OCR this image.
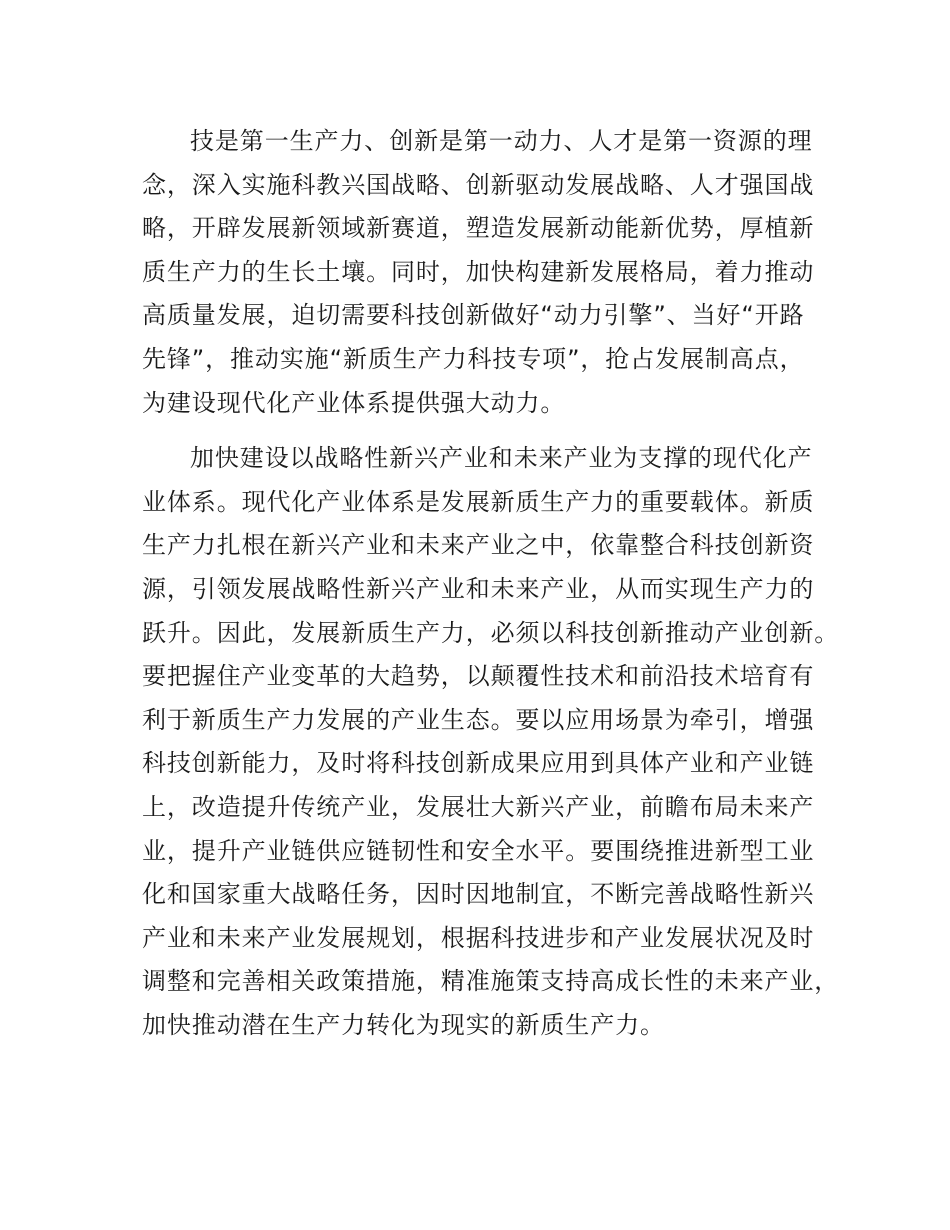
技是第一生产力、创新是第一动力、人才是第一资源的理
念，深入实施科教兴国战略、创新驱动发展战略、人才强国战
略，开辟发展新领域新赛道，塑造发展新动能新优势，厚植新
质生产力的生长土壤。同时，加快构建新发展格局，着力推动
高质量发展，迫切需要科技创新做好“动力引擎”、当好“开路
先锋”，推动实施“新质生产力科技专项”，抢占发展制高点，
为建设现代化产业体系提供强大动力。
加快建设以战略性新兴产业和未来产业为支撑的现代化产
业体系。现代化产业体系是发展新质生产力的重要载体。新质
生产力扎根在新兴产业和未来产业之中，依靠整合科技创新资
源，引领发展战略性新兴产业和未来产业，从而实现生产力的
跃升。因此，发展新质生产力，必须以科技创新推动产业创新。
要把握住产业变革的大趋势，以颠覆性技术和前沿技术培育有
利于新质生产力发展的产业生态。要以应用场景为牵引，增强
科技创新能力，及时将科技创新成果应用到具体产业和产业链
上，改造提升传统产业，发展壮大新兴产业，前瞻布局未来产
业，提升产业链供应链韧性和安全水平。要围绕推进新型工业
化和国家重大战略任务，因时因地制宜，不断完善战略性新兴
产业和未来产业发展规划，根据科技进步和产业发展状况及时
调整和完善相关政策措施，精准施策支持高成长性的未来产业，
加快推动潜在生产力转化为现实的新质生产力。
